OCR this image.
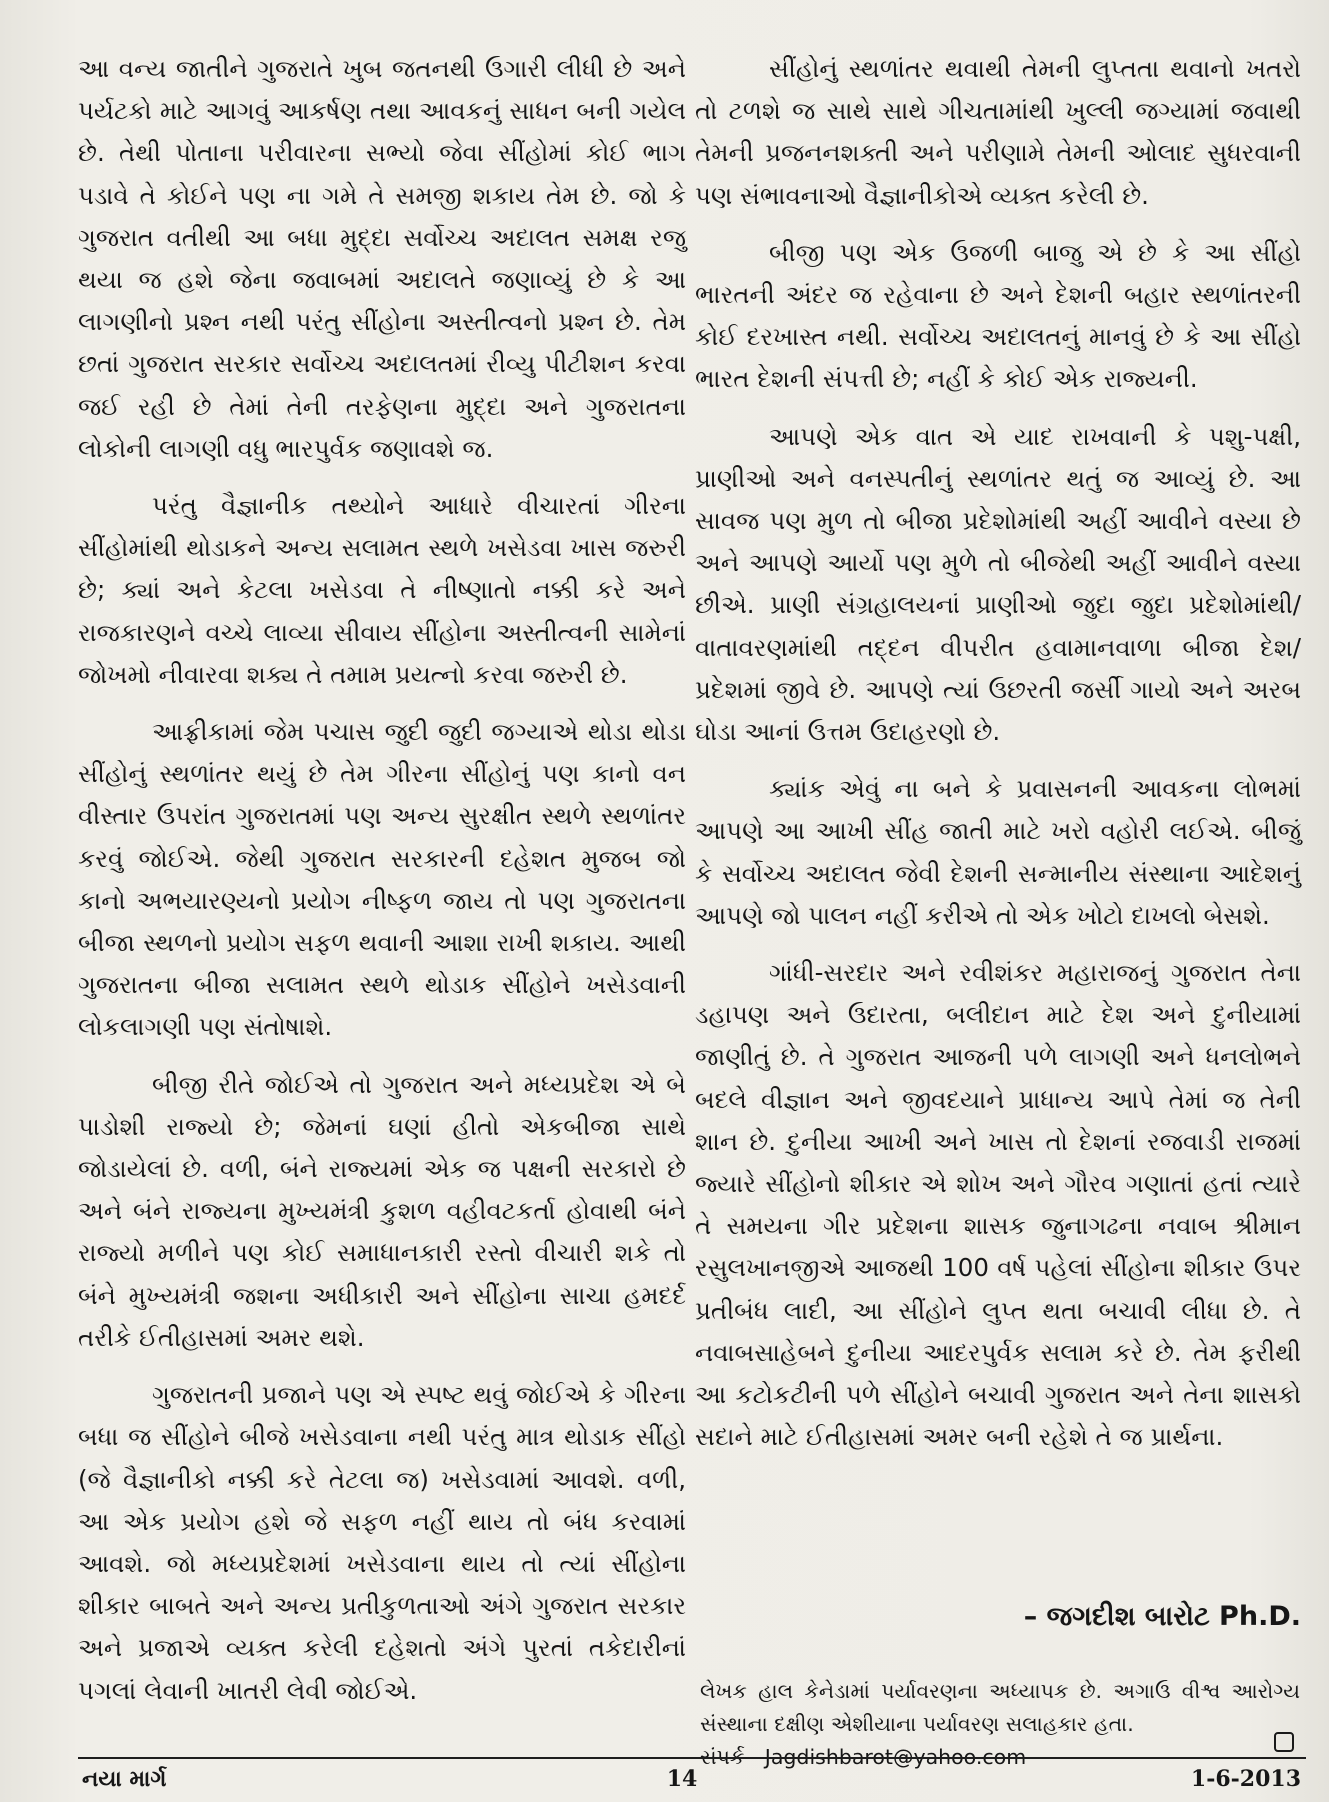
આ વન્ય જાતીને ગુજરાતે ખુબ જતનથી ઉગારી લીધી છે અને પર્યટકો માટે આગવું આકર્ષણ તથા આવકનું સાધન બની ગયેલ છે. તેથી પોતાના પરીવારના સભ્યો જેવા સીંહોમાં કોઈ ભાગ પડાવે તે કોઈને પણ ના ગમે તે સમજી શકાય તેમ છે. જો કે ગુજરાત વતીથી આ બધા મુદ્દા સર્વોચ્ચ અદાલત સમક્ષ રજુ થયા જ હશે જેના જવાબમાં અદાલતે જણાવ્યું છે કે આ લાગણીનો પ્રશ્ન નથી પરંતુ સીંહોના અસ્તીત્વનો પ્રશ્ન છે. તેમ છતાં ગુજરાત સરકાર સર્વોચ્ચ અદાલતમાં રીવ્યુ પીટીશન કરવા જઈ રહી છે તેમાં તેની તરફેણના મુદ્દા અને ગુજરાતના લોકોની લાગણી વધુ ભારપુર્વક જણાવશે જ.

પરંતુ વૈજ્ઞાનીક તથ્યોને આધારે વીચારતાં ગીરના સીંહોમાંથી થોડાકને અન્ય સલામત સ્થળે ખસેડવા ખાસ જરુરી છે; ક્યાં અને કેટલા ખસેડવા તે નીષ્ણાતો નક્કી કરે અને રાજકારણને વચ્ચે લાવ્યા સીવાય સીંહોના અસ્તીત્વની સામેનાં જોખમો નીવારવા શક્ય તે તમામ પ્રયત્નો કરવા જરુરી છે.

આફ્રીકામાં જેમ પચાસ જુદી જુદી જગ્યાએ થોડા થોડા સીંહોનું સ્થળાંતર થયું છે તેમ ગીરના સીંહોનું પણ કાનો વન વીસ્તાર ઉપરાંત ગુજરાતમાં પણ અન્ય સુરક્ષીત સ્થળે સ્થળાંતર કરવું જોઈએ. જેથી ગુજરાત સરકારની દહેશત મુજબ જો કાનો અભયારણ્યનો પ્રયોગ નીષ્ફળ જાય તો પણ ગુજરાતના બીજા સ્થળનો પ્રયોગ સફળ થવાની આશા રાખી શકાય. આથી ગુજરાતના બીજા સલામત સ્થળે થોડાક સીંહોને ખસેડવાની લોકલાગણી પણ સંતોષાશે.

બીજી રીતે જોઈએ તો ગુજરાત અને મધ્યપ્રદેશ એ બે પાડોશી રાજ્યો છે; જેમનાં ઘણાં હીતો એકબીજા સાથે જોડાયેલાં છે. વળી, બંને રાજ્યમાં એક જ પક્ષની સરકારો છે અને બંને રાજ્યના મુખ્યમંત્રી કુશળ વહીવટકર્તા હોવાથી બંને રાજ્યો મળીને પણ કોઈ સમાધાનકારી રસ્તો વીચારી શકે તો બંને મુખ્યમંત્રી જશના અધીકારી અને સીંહોના સાચા હમદર્દ તરીકે ઈતીહાસમાં અમર થશે.

ગુજરાતની પ્રજાને પણ એ સ્પષ્ટ થવું જોઈએ કે ગીરના બધા જ સીંહોને બીજે ખસેડવાના નથી પરંતુ માત્ર થોડાક સીંહો (જે વૈજ્ઞાનીકો નક્કી કરે તેટલા જ) ખસેડવામાં આવશે. વળી, આ એક પ્રયોગ હશે જે સફળ નહીં થાય તો બંધ કરવામાં આવશે. જો મધ્યપ્રદેશમાં ખસેડવાના થાય તો ત્યાં સીંહોના શીકાર બાબતે અને અન્ય પ્રતીકુળતાઓ અંગે ગુજરાત સરકાર અને પ્રજાએ વ્યક્ત કરેલી દહેશતો અંગે પુરતાં તકેદારીનાં પગલાં લેવાની ખાતરી લેવી જોઈએ.

સીંહોનું સ્થળાંતર થવાથી તેમની લુપ્તતા થવાનો ખતરો તો ટળશે જ સાથે સાથે ગીચતામાંથી ખુલ્લી જગ્યામાં જવાથી તેમની પ્રજનનશક્તી અને પરીણામે તેમની ઓલાદ સુધરવાની પણ સંભાવનાઓ વૈજ્ઞાનીકોએ વ્યક્ત કરેલી છે.

બીજી પણ એક ઉજળી બાજુ એ છે કે આ સીંહો ભારતની અંદર જ રહેવાના છે અને દેશની બહાર સ્થળાંતરની કોઈ દરખાસ્ત નથી. સર્વોચ્ચ અદાલતનું માનવું છે કે આ સીંહો ભારત દેશની સંપત્તી છે; નહીં કે કોઈ એક રાજ્યની.

આપણે એક વાત એ યાદ રાખવાની કે પશુ-પક્ષી, પ્રાણીઓ અને વનસ્પતીનું સ્થળાંતર થતું જ આવ્યું છે. આ સાવજ પણ મુળ તો બીજા પ્રદેશોમાંથી અહીં આવીને વસ્યા છે અને આપણે આર્યો પણ મુળે તો બીજેથી અહીં આવીને વસ્યા છીએ. પ્રાણી સંગ્રહાલયનાં પ્રાણીઓ જુદા જુદા પ્રદેશોમાંથી/વાતાવરણમાંથી તદ્દન વીપરીત હવામાનવાળા બીજા દેશ/પ્રદેશમાં જીવે છે. આપણે ત્યાં ઉછરતી જર્સી ગાયો અને અરબ ઘોડા આનાં ઉત્તમ ઉદાહરણો છે.

ક્યાંક એવું ના બને કે પ્રવાસનની આવકના લોભમાં આપણે આ આખી સીંહ જાતી માટે ખરો વહોરી લઈએ. બીજું કે સર્વોચ્ચ અદાલત જેવી દેશની સન્માનીય સંસ્થાના આદેશનું આપણે જો પાલન નહીં કરીએ તો એક ખોટો દાખલો બેસશે.

ગાંધી-સરદાર અને રવીશંકર મહારાજનું ગુજરાત તેના ડહાપણ અને ઉદારતા, બલીદાન માટે દેશ અને દુનીયામાં જાણીતું છે. તે ગુજરાત આજની પળે લાગણી અને ધનલોભને બદલે વીજ્ઞાન અને જીવદયાને પ્રાધાન્ય આપે તેમાં જ તેની શાન છે. દુનીયા આખી અને ખાસ તો દેશનાં રજવાડી રાજમાં જ્યારે સીંહોનો શીકાર એ શોખ અને ગૌરવ ગણાતાં હતાં ત્યારે તે સમયના ગીર પ્રદેશના શાસક જુનાગઢના નવાબ શ્રીમાન રસુલખાનજીએ આજથી 100 વર્ષ પહેલાં સીંહોના શીકાર ઉપર પ્રતીબંધ લાદી, આ સીંહોને લુપ્ત થતા બચાવી લીધા છે. તે નવાબસાહેબને દુનીયા આદરપુર્વક સલામ કરે છે. તેમ ફરીથી આ કટોકટીની પળે સીંહોને બચાવી ગુજરાત અને તેના શાસકો સદાને માટે ઈતીહાસમાં અમર બની રહેશે તે જ પ્રાર્થના.

– જગદીશ બારોટ Ph.D.

લેખક હાલ કેનેડામાં પર્યાવરણના અધ્યાપક છે. અગાઉ વીશ્વ આરોગ્ય સંસ્થાના દક્ષીણ એશીયાના પર્યાવરણ સલાહકાર હતા.

સંપર્ક - Jagdishbarot@yahoo.com

નયા માર્ગ	14	1-6-2013
